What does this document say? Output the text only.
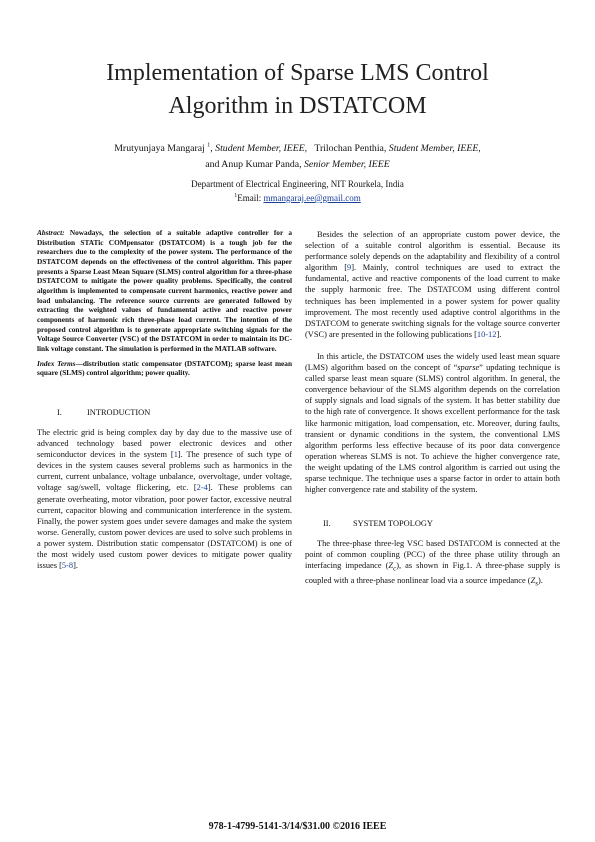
Implementation of Sparse LMS Control
Algorithm in DSTATCOM
Mrutyunjaya Mangaraj $^1$, Student Member, IEEE, Trilochan Penthia, Student Member, IEEE,
and Anup Kumar Panda, Senior Member, IEEE
Department of Electrical Engineering, NIT Rourkela, India
$^1$Email: mmangaraj.ee@gmail.com
Abstract: Nowadays, the selection of a suitable adaptive controller for a Distribution STATic COMpensator (DSTATCOM) is a tough job for the researchers due to the complexity of the power system. The performance of the DSTATCOM depends on the effectiveness of the control algorithm. This paper presents a Sparse Least Mean Square (SLMS) control algorithm for a three-phase DSTATCOM to mitigate the power quality problems. Specifically, the control algorithm is implemented to compensate current harmonics, reactive power and load unbalancing. The reference source currents are generated followed by extracting the weighted values of fundamental active and reactive power components of harmonic rich three-phase load current. The intention of the proposed control algorithm is to generate appropriate switching signals for the Voltage Source Converter (VSC) of the DSTATCOM in order to maintain its DC-link voltage constant. The simulation is performed in the MATLAB software.
Index Terms—distribution static compensator (DSTATCOM); sparse least mean square (SLMS) control algorithm; power quality.
I.	INTRODUCTION

The electric grid is being complex day by day due to the massive use of advanced technology based power electronic devices and other semiconductor devices in the system [1]. The presence of such type of devices in the system causes several problems such as harmonics in the current, current unbalance, voltage unbalance, overvoltage, under voltage, voltage sag/swell, voltage flickering, etc. [2-4]. These problems can generate overheating, motor vibration, poor power factor, excessive neutral current, capacitor blowing and communication interference in the system. Finally, the power system goes under severe damages and make the system worse. Generally, custom power devices are used to solve such problems in a power system. Distribution static compensator (DSTATCOM) is one of the most widely used custom power devices to mitigate power quality issues [5-8].

Besides the selection of an appropriate custom power device, the selection of a suitable control algorithm is essential. Because its performance solely depends on the adaptability and flexibility of a control algorithm [9]. Mainly, control techniques are used to extract the fundamental, active and reactive components of the load current to make the supply harmonic free. The DSTATCOM using different control techniques has been implemented in a power system for power quality improvement. The most recently used adaptive control algorithms in the DSTATCOM to generate switching signals for the voltage source converter (VSC) are presented in the following publications [10-12].

In this article, the DSTATCOM uses the widely used least mean square (LMS) algorithm based on the concept of “sparse” updating technique is called sparse least mean square (SLMS) control algorithm. In general, the convergence behaviour of the SLMS algorithm depends on the correlation of supply signals and load signals of the system. It has better stability due to the high rate of convergence. It shows excellent performance for the task like harmonic mitigation, load compensation, etc. Moreover, during faults, transient or dynamic conditions in the system, the conventional LMS algorithm performs less effective because of its poor data convergence operation whereas SLMS is not. To achieve the higher convergence rate, the weight updating of the LMS control algorithm is carried out using the sparse technique. The technique uses a sparse factor in order to attain both higher convergence rate and stability of the system.

II.	SYSTEM TOPOLOGY

The three-phase three-leg VSC based DSTATCOM is connected at the point of common coupling (PCC) of the three phase utility through an interfacing impedance $(Z_c)$, as shown in Fig.1. A three-phase supply is coupled with a three-phase nonlinear load via a source impedance $(Z_s)$.

978-1-4799-5141-3/14/$31.00 ©2016 IEEE
